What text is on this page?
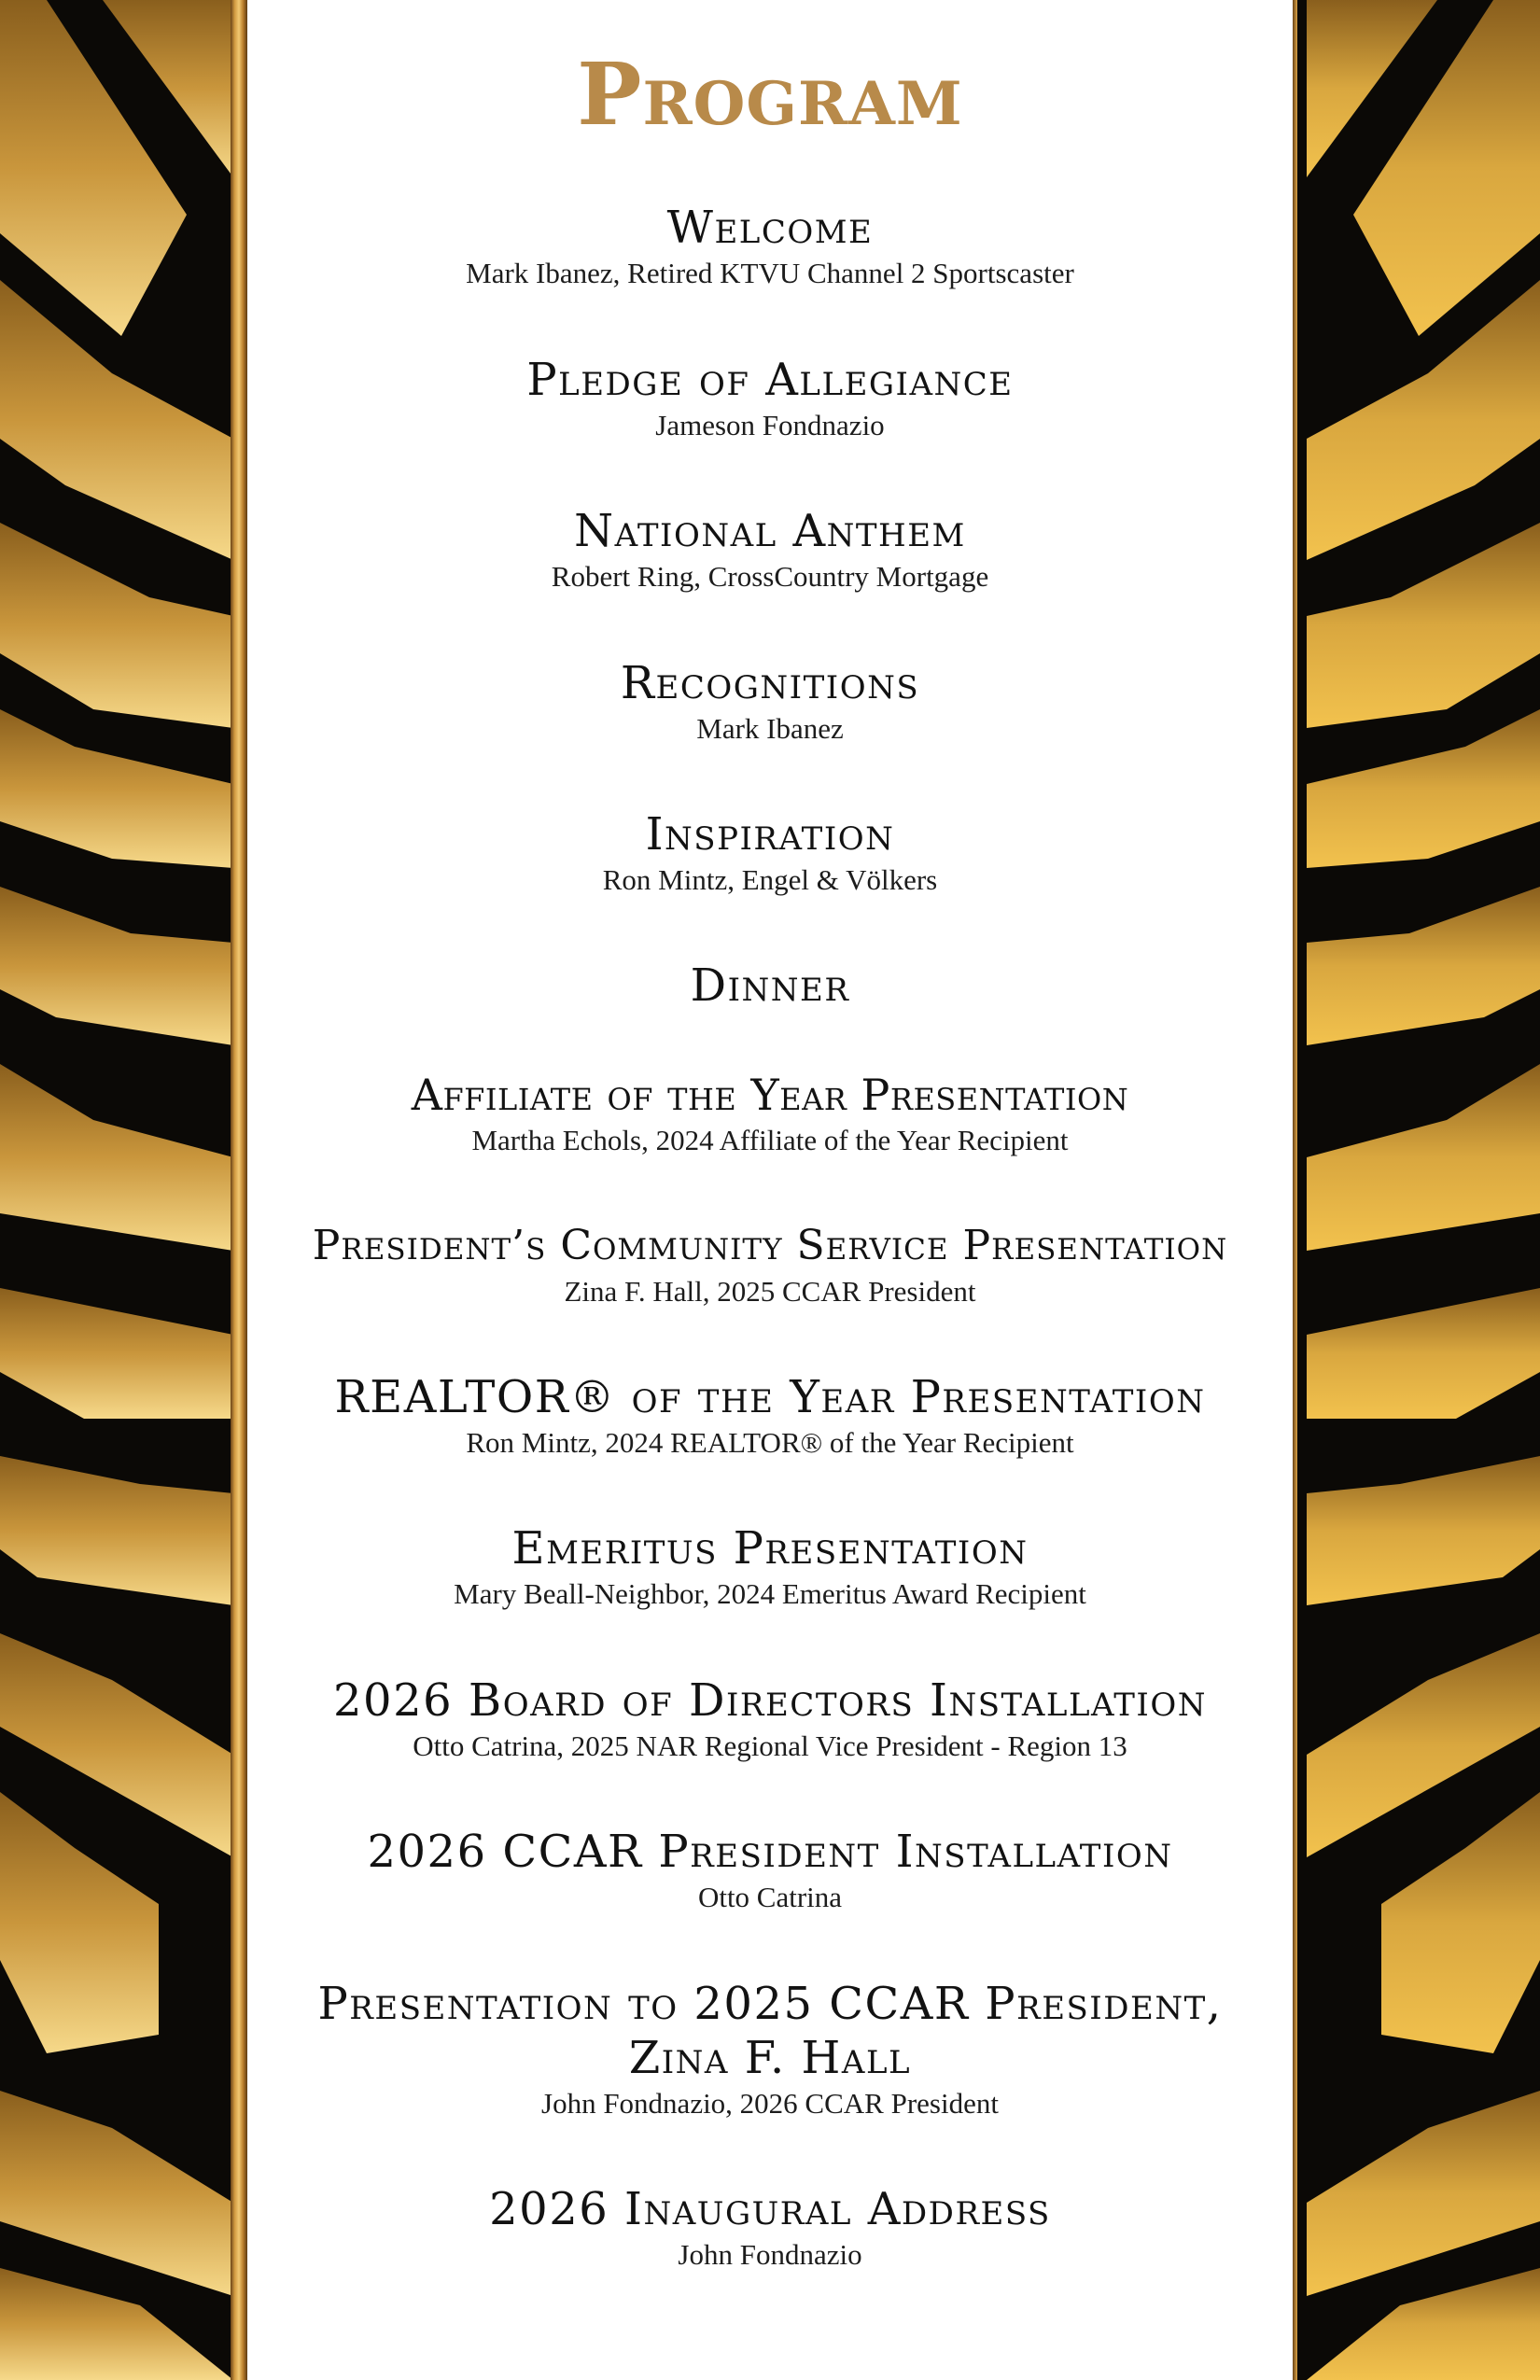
Program
Welcome
Mark Ibanez, Retired KTVU Channel 2 Sportscaster
Pledge of Allegiance
Jameson Fondnazio
National Anthem
Robert Ring, CrossCountry Mortgage
Recognitions
Mark Ibanez
Inspiration
Ron Mintz, Engel & Völkers
Dinner
Affiliate of the Year Presentation
Martha Echols, 2024 Affiliate of the Year Recipient
President’s Community Service Presentation
Zina F. Hall, 2025 CCAR President
REALTOR® of the Year Presentation
Ron Mintz, 2024 REALTOR® of the Year Recipient
Emeritus Presentation
Mary Beall-Neighbor, 2024 Emeritus Award Recipient
2026 Board of Directors Installation
Otto Catrina, 2025 NAR Regional Vice President - Region 13
2026 CCAR President Installation
Otto Catrina
Presentation to 2025 CCAR President,
Zina F. Hall
John Fondnazio, 2026 CCAR President
2026 Inaugural Address
John Fondnazio
